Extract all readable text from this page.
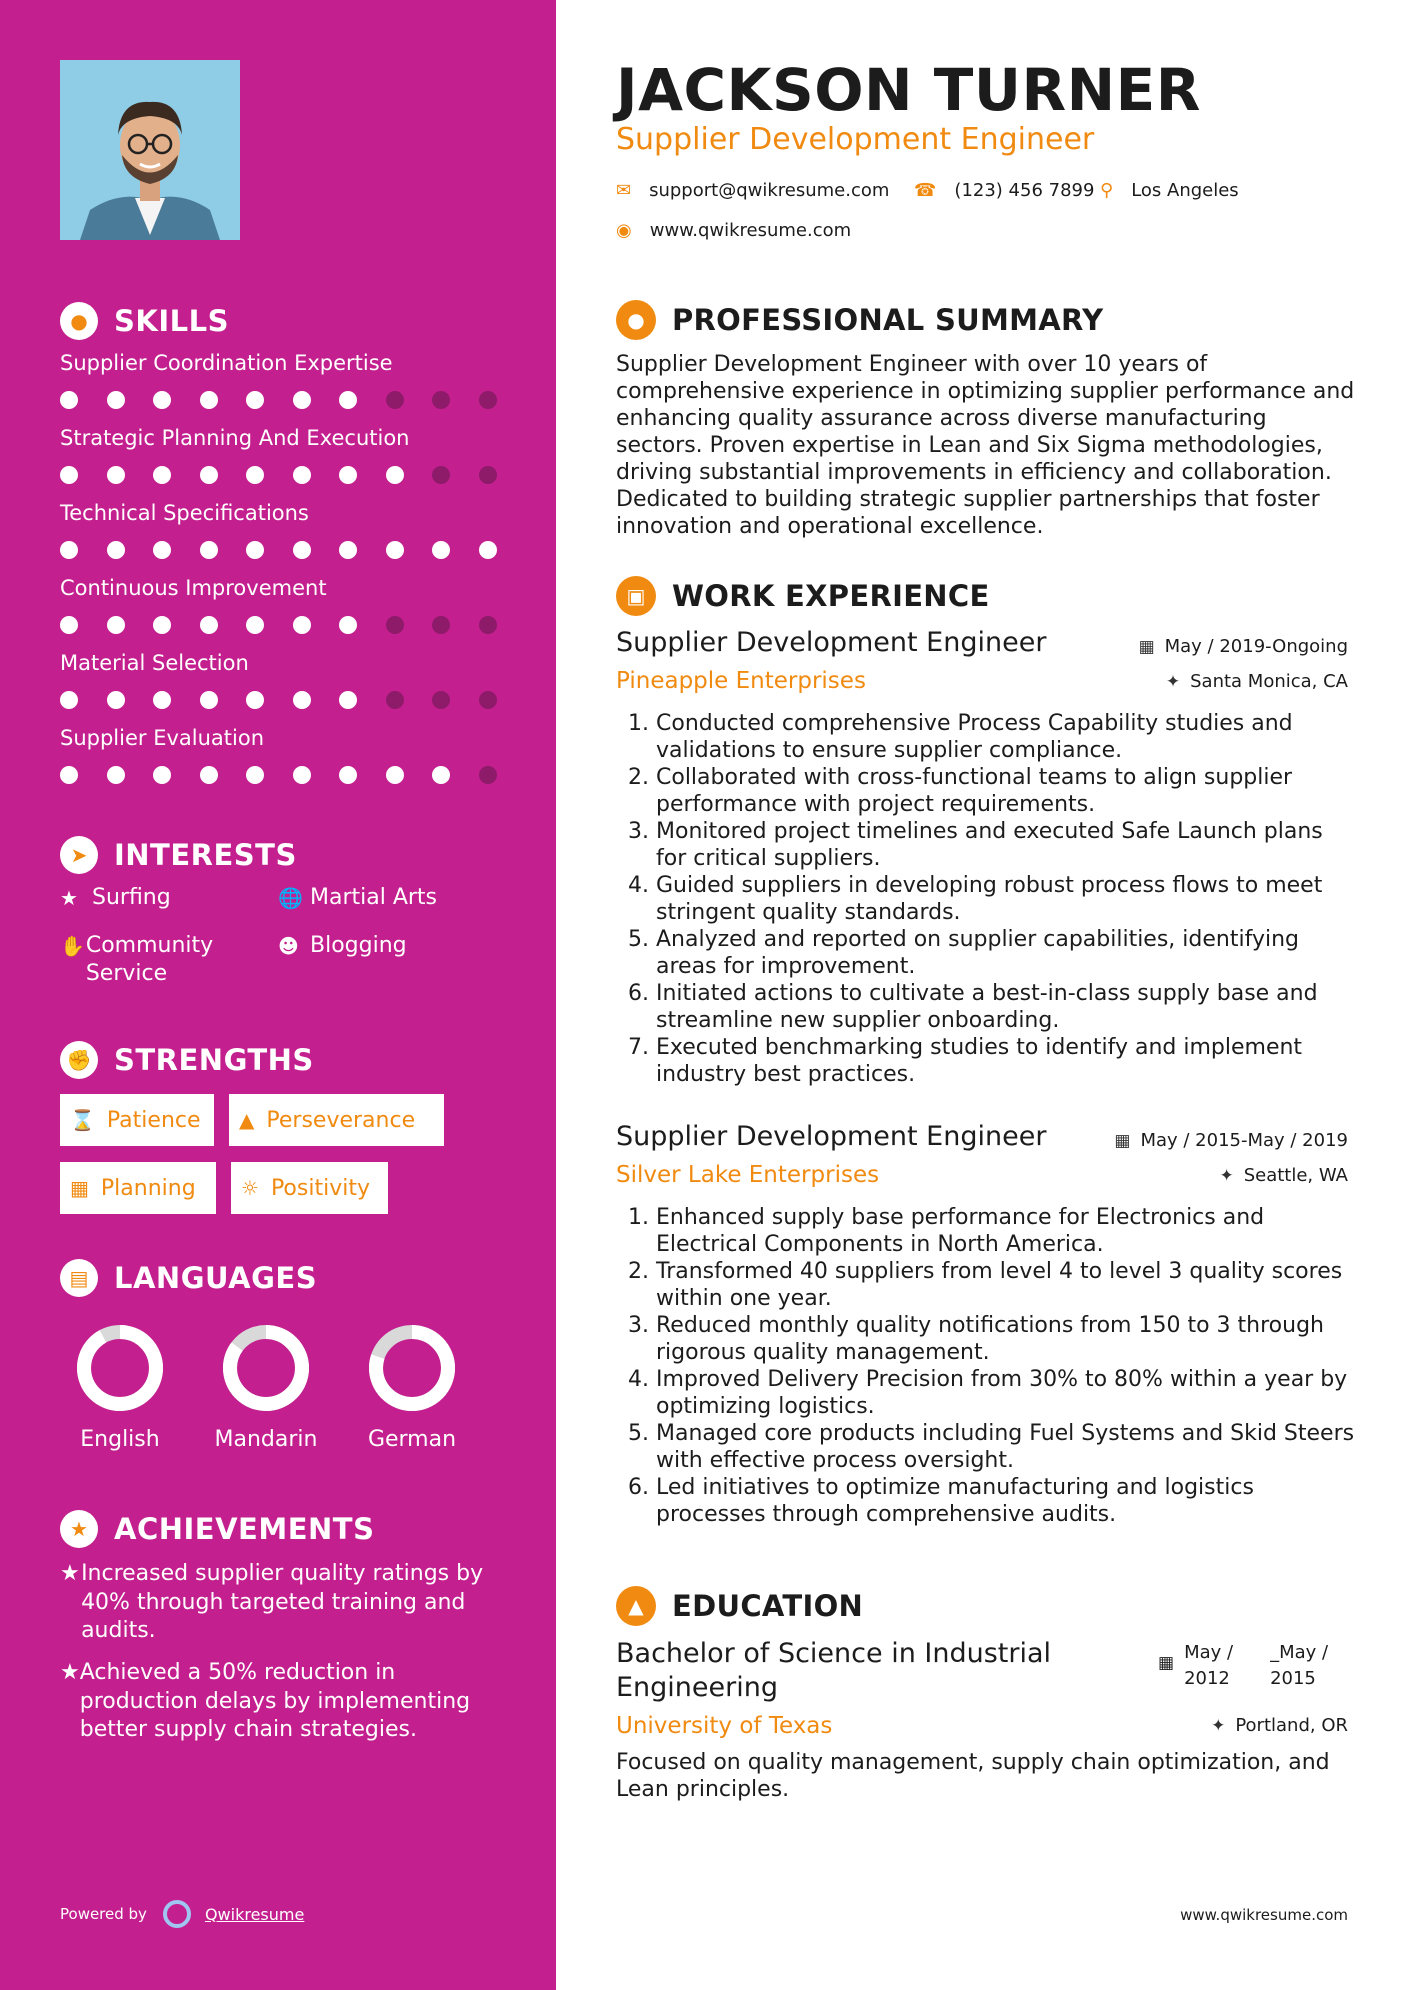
● SKILLS
Supplier Coordination Expertise
Strategic Planning And Execution
Technical Specifications
Continuous Improvement
Material Selection
Supplier Evaluation
➤ INTERESTS
★ Surfing	🌐 Martial Arts
✋ Community Service
☻ Blogging
✊ STRENGTHS
⌛ Patience ▲ Perseverance
▦ Planning ☼ Positivity
▤ LANGUAGES
English	Mandarin	German
★ ACHIEVEMENTS
★ Increased supplier quality ratings by 40% through targeted training and audits.
★ Achieved a 50% reduction in production delays by implementing better supply chain strategies.
Powered by	Qwikresume
JACKSON TURNER
Supplier Development Engineer
✉ support@qwikresume.com ☎ (123) 456 7899 ⚲ Los Angeles
◉ www.qwikresume.com
● PROFESSIONAL SUMMARY
Supplier Development Engineer with over 10 years of comprehensive experience in optimizing supplier performance and enhancing quality assurance across diverse manufacturing sectors. Proven expertise in Lean and Six Sigma methodologies, driving substantial improvements in efficiency and collaboration. Dedicated to building strategic supplier partnerships that foster innovation and operational excellence.
▣ WORK EXPERIENCE
Supplier Development Engineer	▦ May / 2019-Ongoing
Pineapple Enterprises	✦ Santa Monica, CA
1. Conducted comprehensive Process Capability studies and validations to ensure supplier compliance.
2. Collaborated with cross-functional teams to align supplier performance with project requirements.
3. Monitored project timelines and executed Safe Launch plans for critical suppliers.
4. Guided suppliers in developing robust process flows to meet stringent quality standards.
5. Analyzed and reported on supplier capabilities, identifying areas for improvement.
6. Initiated actions to cultivate a best-in-class supply base and streamline new supplier onboarding.
7. Executed benchmarking studies to identify and implement industry best practices.
Supplier Development Engineer	▦ May / 2015-May / 2019
Silver Lake Enterprises	✦ Seattle, WA
1. Enhanced supply base performance for Electronics and Electrical Components in North America.
2. Transformed 40 suppliers from level 4 to level 3 quality scores within one year.
3. Reduced monthly quality notifications from 150 to 3 through rigorous quality management.
4. Improved Delivery Precision from 30% to 80% within a year by optimizing logistics.
5. Managed core products including Fuel Systems and Skid Steers with effective process oversight.
6. Led initiatives to optimize manufacturing and logistics processes through comprehensive audits.
▲ EDUCATION
Bachelor of Science in Industrial
Engineering
▦ May / 2012
_May / 2015
University of Texas	✦ Portland, OR
Focused on quality management, supply chain optimization, and Lean principles.
www.qwikresume.com
